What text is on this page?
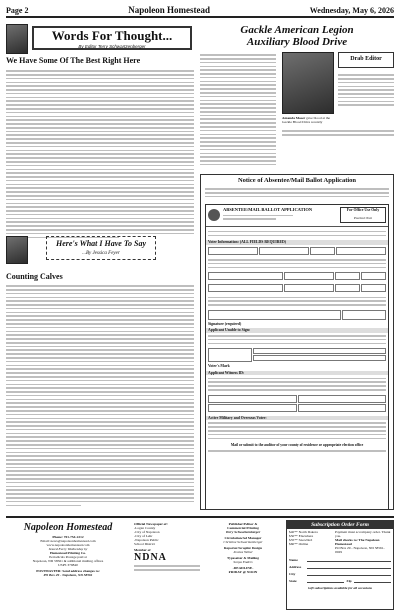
Page 2	Napoleon Homestead	Wednesday, May 6, 2026
Words For Thought...
By Editor Terry Schwartzenberger
We Have Some Of The Best Right Here
Here's What I Have To Say
...By Jessica Feyer
Counting Calves
Gackle American Legion
Auxiliary Blood Drive
Drab Editor
Amanda Moser gave blood at the Gackle Blood Drive recently
Notice of Absentee/Mail Ballot Application
ABSENTEE/MAIL BALLOT APPLICATION	For Office Use Only
Precinct Part
Voter Information: (ALL FIELDS REQUIRED)
Signature (required)
Applicant Unable to Sign:
Voter's Mark
Applicant Witness ID:
Active Military and Overseas Voter:
Mail or submit to the auditor of your county of residence or appropriate election office
Napoleon Homestead
Phone: 701-754-2212
Email: news@napoleonhomestead.com
www.napoleonhomestead.com
Issued Every Wednesday by
Homestead Printing Co.
Periodicals Postage paid at
Napoleon, ND 58561 & additional mailing offices
USPS 379840
POSTMASTER: Send address changes to:
PO Box 29 - Napoleon, ND 58561
Official Newspaper of:
-Logan County
-City of Napoleon
-City of Lehr
-Napoleon Public
School District
Member of
NDNA
Publisher/Editor &
Commercial Printing
Terry Schwartzenberger
Circulation/Ad Manager
Christine Schwartzenberger
Reporter/Graphic Design
Jessica Weber
Typesetter & Mailing
Sonya Enders
-DEADLINE-
FRIDAY @ NOON
Subscription Order Form
$40** North Dakota
$50** Elsewhere
$35** Snowbird
$60** Online
Payment must accompany order. Thank you.
Mail checks to: The Napoleon Homestead
PO Box 29 - Napoleon, ND 58561-0029
Name
Address
City
State	Zip
Gift subscriptions available for all occasions
